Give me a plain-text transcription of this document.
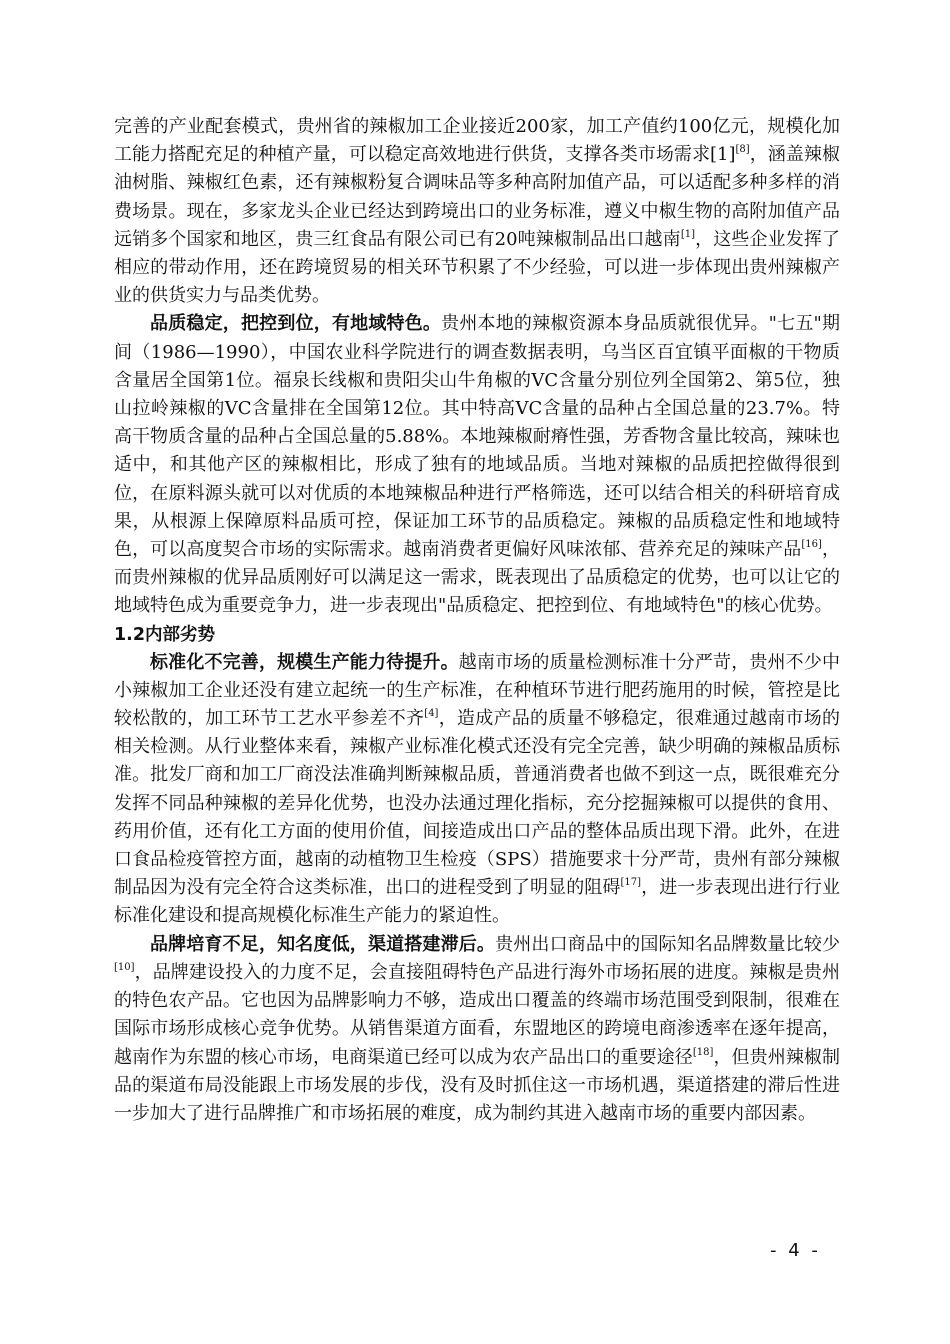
完善的产业配套模式，贵州省的辣椒加工企业接近200家，加工产值约100亿元，规模化加工能力搭配充足的种植产量，可以稳定高效地进行供货，支撑各类市场需求[1][8]，涵盖辣椒油树脂、辣椒红色素，还有辣椒粉复合调味品等多种高附加值产品，可以适配多种多样的消费场景。现在，多家龙头企业已经达到跨境出口的业务标准，遵义中椒生物的高附加值产品远销多个国家和地区，贵三红食品有限公司已有20吨辣椒制品出口越南[1]，这些企业发挥了相应的带动作用，还在跨境贸易的相关环节积累了不少经验，可以进一步体现出贵州辣椒产业的供货实力与品类优势。

品质稳定，把控到位，有地域特色。贵州本地的辣椒资源本身品质就很优异。"七五"期间（1986—1990），中国农业科学院进行的调查数据表明，乌当区百宜镇平面椒的干物质含量居全国第1位。福泉长线椒和贵阳尖山牛角椒的VC含量分别位列全国第2、第5位，独山拉岭辣椒的VC含量排在全国第12位。其中特高VC含量的品种占全国总量的23.7%。特高干物质含量的品种占全国总量的5.88%。本地辣椒耐瘠性强，芳香物含量比较高，辣味也适中，和其他产区的辣椒相比，形成了独有的地域品质。当地对辣椒的品质把控做得很到位，在原料源头就可以对优质的本地辣椒品种进行严格筛选，还可以结合相关的科研培育成果，从根源上保障原料品质可控，保证加工环节的品质稳定。辣椒的品质稳定性和地域特色，可以高度契合市场的实际需求。越南消费者更偏好风味浓郁、营养充足的辣味产品[16]，而贵州辣椒的优异品质刚好可以满足这一需求，既表现出了品质稳定的优势，也可以让它的地域特色成为重要竞争力，进一步表现出"品质稳定、把控到位、有地域特色"的核心优势。

1.2内部劣势

标准化不完善，规模生产能力待提升。越南市场的质量检测标准十分严苛，贵州不少中小辣椒加工企业还没有建立起统一的生产标准，在种植环节进行肥药施用的时候，管控是比较松散的，加工环节工艺水平参差不齐[4]，造成产品的质量不够稳定，很难通过越南市场的相关检测。从行业整体来看，辣椒产业标准化模式还没有完全完善，缺少明确的辣椒品质标准。批发厂商和加工厂商没法准确判断辣椒品质，普通消费者也做不到这一点，既很难充分发挥不同品种辣椒的差异化优势，也没办法通过理化指标，充分挖掘辣椒可以提供的食用、药用价值，还有化工方面的使用价值，间接造成出口产品的整体品质出现下滑。此外，在进口食品检疫管控方面，越南的动植物卫生检疫（SPS）措施要求十分严苛，贵州有部分辣椒制品因为没有完全符合这类标准，出口的进程受到了明显的阻碍[17]，进一步表现出进行行业标准化建设和提高规模化标准生产能力的紧迫性。

品牌培育不足，知名度低，渠道搭建滞后。贵州出口商品中的国际知名品牌数量比较少[10]，品牌建设投入的力度不足，会直接阻碍特色产品进行海外市场拓展的进度。辣椒是贵州的特色农产品。它也因为品牌影响力不够，造成出口覆盖的终端市场范围受到限制，很难在国际市场形成核心竞争优势。从销售渠道方面看，东盟地区的跨境电商渗透率在逐年提高，越南作为东盟的核心市场，电商渠道已经可以成为农产品出口的重要途径[18]，但贵州辣椒制品的渠道布局没能跟上市场发展的步伐，没有及时抓住这一市场机遇，渠道搭建的滞后性进一步加大了进行品牌推广和市场拓展的难度，成为制约其进入越南市场的重要内部因素。

- 4 -
